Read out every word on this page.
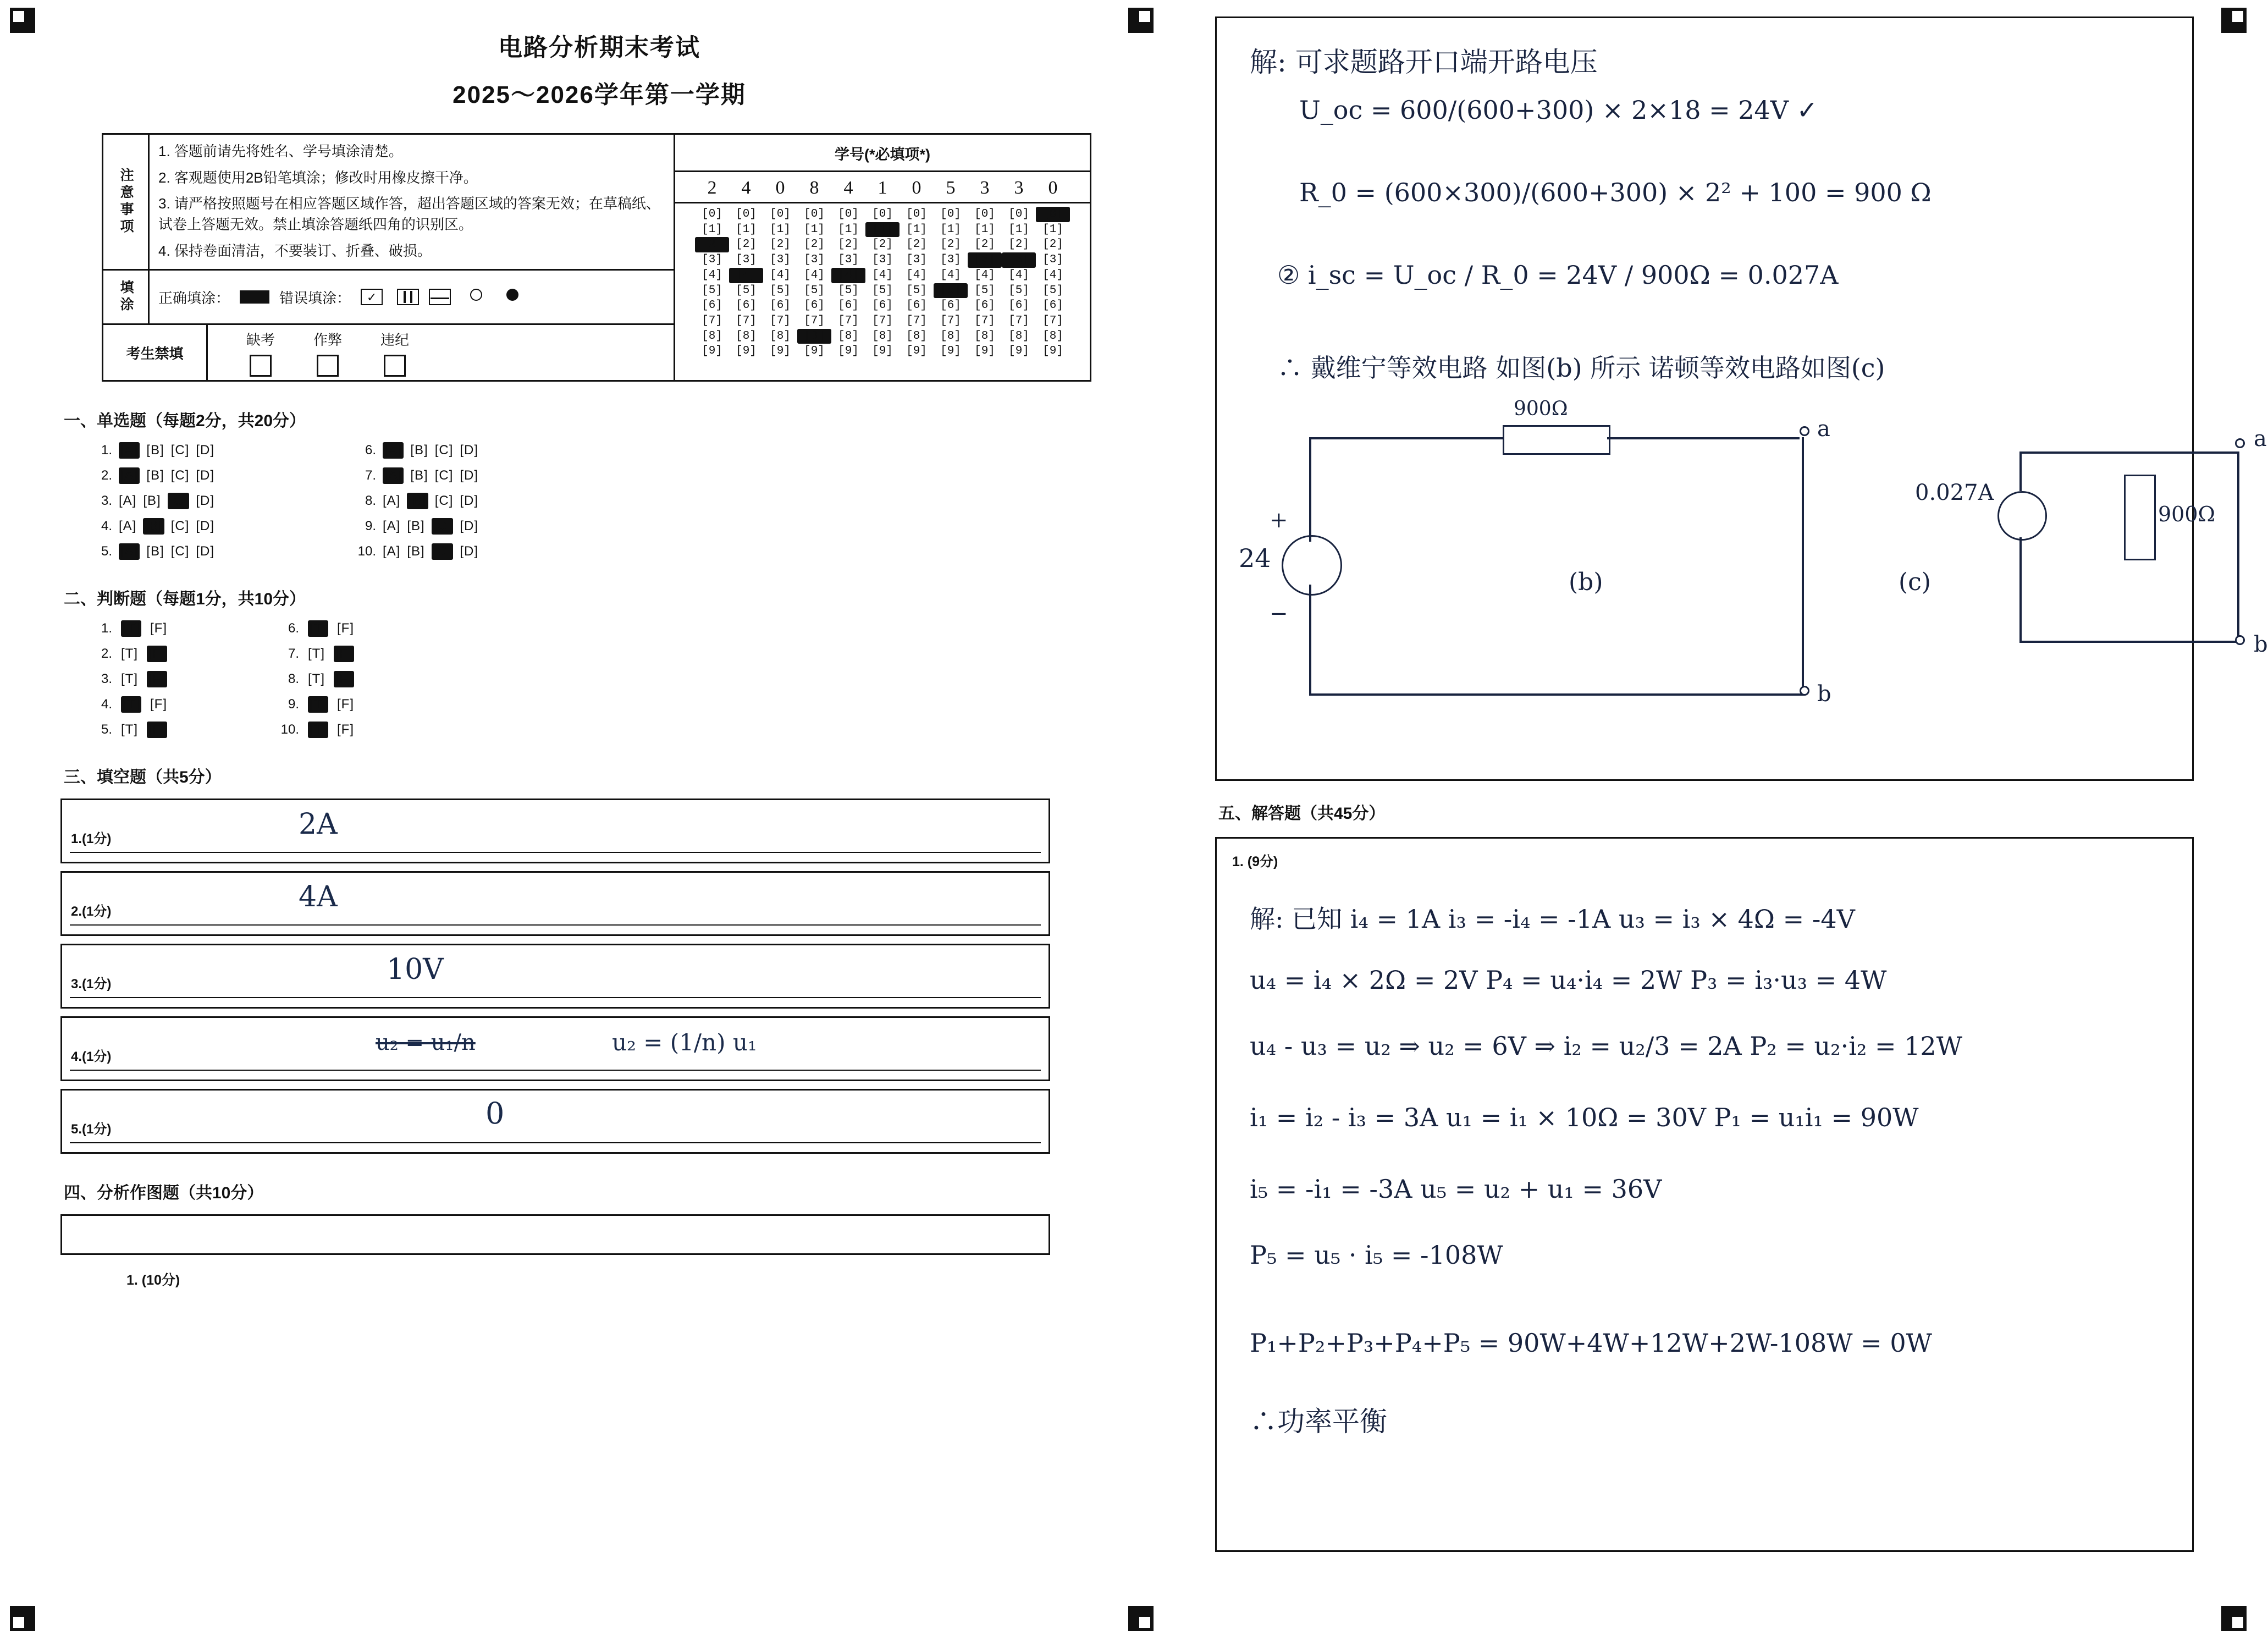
电路分析期末考试
2025～2026学年第一学期
注意事项

1. 答题前请先将姓名、学号填涂清楚。

2. 客观题使用2B铅笔填涂；修改时用橡皮擦干净。

3. 请严格按照题号在相应答题区域作答，超出答题区域的答案无效；在草稿纸、试卷上答题无效。禁止填涂答题纸四角的识别区。

4. 保持卷面清洁，不要装订、折叠、破损。

填涂 正确填涂：	错误填涂：	✓
考生禁填
缺考	作弊	违纪
学号(*必填项*)
2	4	0	8	4	1	0	5	3	3	0
[0]	[0]	[0]	[0]	[0]	[0]	[0]	[0]	[0]	[0]	[0]
[1]	[1]	[1]	[1]	[1]	[1]	[1]	[1]	[1]	[1]	[1]
[2]	[2]	[2]	[2]	[2]	[2]	[2]	[2]	[2]	[2]	[2]
[3]	[3]	[3]	[3]	[3]	[3]	[3]	[3]	[3]	[3]	[3]
[4]	[4]	[4]	[4]	[4]	[4]	[4]	[4]	[4]	[4]	[4]
[5]	[5]	[5]	[5]	[5]	[5]	[5]	[5]	[5]	[5]	[5]
[6]	[6]	[6]	[6]	[6]	[6]	[6]	[6]	[6]	[6]	[6]
[7]	[7]	[7]	[7]	[7]	[7]	[7]	[7]	[7]	[7]	[7]
[8]	[8]	[8]	[8]	[8]	[8]	[8]	[8]	[8]	[8]	[8]
[9]	[9]	[9]	[9]	[9]	[9]	[9]	[9]	[9]	[9]	[9]
一、单选题（每题2分，共20分）
1. [A] [B] [C] [D]	6. [A] [B] [C] [D]
2. [A] [B] [C] [D]	7. [A] [B] [C] [D]
3. [A] [B] [C] [D]	8. [A] [B] [C] [D]
4. [A] [B] [C] [D]	9. [A] [B] [C] [D]
5. [A] [B] [C] [D]	10. [A] [B] [C] [D]
二、判断题（每题1分，共10分）
1. [T] [F]	6. [T] [F]
2. [T] [F]	7. [T] [F]
3. [T] [F]	8. [T] [F]
4. [T] [F]	9. [T] [F]
5. [T] [F]	10. [T] [F]
三、填空题（共5分）
1.(1分)	2A
2.(1分)	4A
3.(1分)	10V
4.(1分)
u₂ = u₁/n	u₂ = (1/n) u₁
5.(1分)	0
四、分析作图题（共10分）
1. (10分)
解: 可求题路开口端开路电压
U_oc = 600/(600+300) × 2×18 = 24V ✓
R_0 = (600×300)/(600+300) × 2² + 100 = 900 Ω
② i_sc = U_oc / R_0 = 24V / 900Ω = 0.027A
∴ 戴维宁等效电路 如图(b) 所示 诺顿等效电路如图(c)
900Ω
24
+
−
a
b
(b)
0.027A
900Ω
a
b
(c)
五、解答题（共45分）
1. (9分)
解: 已知 i₄ = 1A i₃ = -i₄ = -1A u₃ = i₃ × 4Ω = -4V
u₄ = i₄ × 2Ω = 2V P₄ = u₄·i₄ = 2W P₃ = i₃·u₃ = 4W
u₄ - u₃ = u₂ ⇒ u₂ = 6V ⇒ i₂ = u₂/3 = 2A P₂ = u₂·i₂ = 12W
i₁ = i₂ - i₃ = 3A u₁ = i₁ × 10Ω = 30V P₁ = u₁i₁ = 90W
i₅ = -i₁ = -3A u₅ = u₂ + u₁ = 36V
P₅ = u₅ · i₅ = -108W
P₁+P₂+P₃+P₄+P₅ = 90W+4W+12W+2W-108W = 0W
∴功率平衡
